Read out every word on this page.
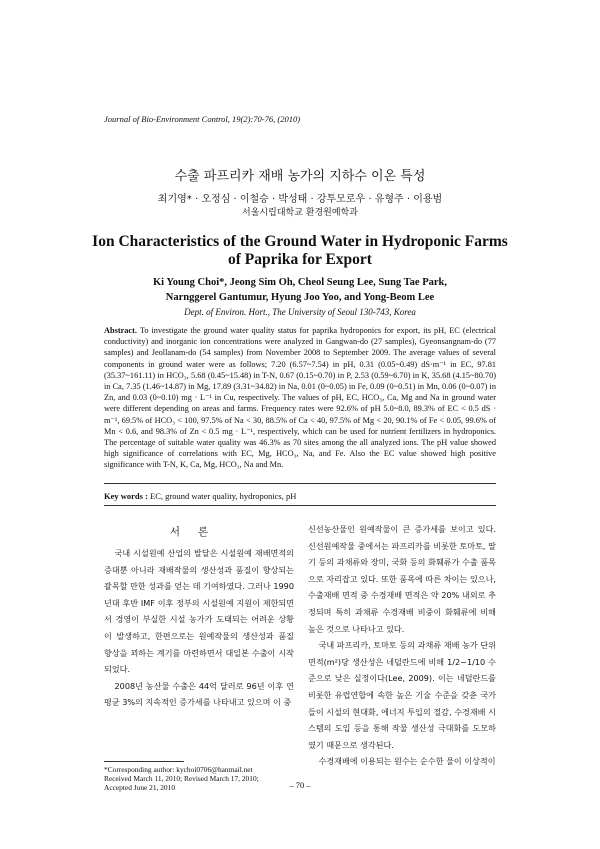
Journal of Bio-Environment Control, 19(2):70-76, (2010)
수출 파프리카 재배 농가의 지하수 이온 특성
최기영* · 오정심 · 이철승 · 박성태 · 강투모로우 · 유형주 · 이용범
서울시립대학교 환경원예학과
Ion Characteristics of the Ground Water in Hydroponic Farms
of Paprika for Export
Ki Young Choi*, Jeong Sim Oh, Cheol Seung Lee, Sung Tae Park,
Narnggerel Gantumur, Hyung Joo Yoo, and Yong-Beom Lee
Dept. of Environ. Hort., The University of Seoul 130-743, Korea
Abstract. To investigate the ground water quality status for paprika hydroponics for export, its pH, EC (electrical conductivity) and inorganic ion concentrations were analyzed in Gangwan-do (27 samples), Gyeonsangnam-do (77 samples) and Jeollanam-do (54 samples) from November 2008 to September 2009. The average values of several components in ground water were as follows; 7.20 (6.57~7.54) in pH, 0.31 (0.05~0.49) dS·m⁻¹ in EC, 97.81 (35.37~161.11) in HCO₃, 5.68 (0.45~15.48) in T-N, 0.67 (0.15~0.70) in P, 2.53 (0.59~6.70) in K, 35.68 (4.15~80.70) in Ca, 7.35 (1.46~14.87) in Mg, 17.89 (3.31~34.82) in Na, 0.01 (0~0.05) in Fe, 0.09 (0~0.51) in Mn, 0.06 (0~0.07) in Zn, and 0.03 (0~0.10) mg · L⁻¹ in Cu, respectively. The values of pH, EC, HCO₃, Ca, Mg and Na in ground water were different depending on areas and farms. Frequency rates were 92.6% of pH 5.0~8.0, 89.3% of EC < 0.5 dS · m⁻¹, 69.5% of HCO₃ < 100, 97.5% of Na < 30, 88.5% of Ca < 40, 97.5% of Mg < 20, 90.1% of Fe < 0.05, 99.6% of Mn < 0.6, and 98.3% of Zn < 0.5 mg · L⁻¹, respectively, which can be used for nutrient fertilizers in hydroponics. The percentage of suitable water quality was 46.3% as 70 sites among the all analyzed ions. The pH value showed high significance of correlations with EC, Mg, HCO₃, Na, and Fe. Also the EC value showed high positive significance with T-N, K, Ca, Mg, HCO₃, Na and Mn.
Key words : EC, ground water quality, hydroponics, pH
서론

국내 시설원예 산업의 발달은 시설원예 재배면적의 증대뿐 아니라 재배작물의 생산성과 품질이 향상되는 괄목할 만한 성과를 얻는 데 기여하였다. 그러나 1990년대 후반 IMF 이후 정부의 시설원예 지원이 제한되면서 경영이 부실한 시설 농가가 도태되는 어려운 상황이 발생하고, 한편으로는 원예작물의 생산성과 품질 향상을 꾀하는 계기를 마련하면서 대일본 수출이 시작되었다.

2008년 농산물 수출은 44억 달러로 96년 이후 연평균 3%의 지속적인 증가세를 나타내고 있으며 이 중

신선농산물인 원예작물이 큰 증가세를 보이고 있다. 신선원예작물 중에서는 파프리카를 비롯한 토마토, 딸기 등의 과채류와 장미, 국화 등의 화훼류가 수출 품목으로 자리잡고 있다. 또한 품목에 따른 차이는 있으나, 수출재배 면적 중 수경재배 면적은 약 20% 내외로 추정되며 특히 과채류 수경재배 비중이 화훼류에 비해 높은 것으로 나타나고 있다.

국내 파프리카, 토마토 등의 과채류 재배 농가 단위면적(m²)당 생산성은 네덜란드에 비해 1/2~1/10 수준으로 낮은 실정이다(Lee, 2009). 이는 네덜란드를 비롯한 유럽연합에 속한 높은 기술 수준을 갖춘 국가들이 시설의 현대화, 에너지 투입의 절감, 수경재배 시스템의 도입 등을 통해 작물 생산성 극대화를 도모하였기 때문으로 생각된다.

수경재배에 이용되는 원수는 순수한 물이 이상적이

*Corresponding author: kychoi0706@hanmail.net
Received March 11, 2010; Revised March 17, 2010;
Accepted June 21, 2010	– 70 –
